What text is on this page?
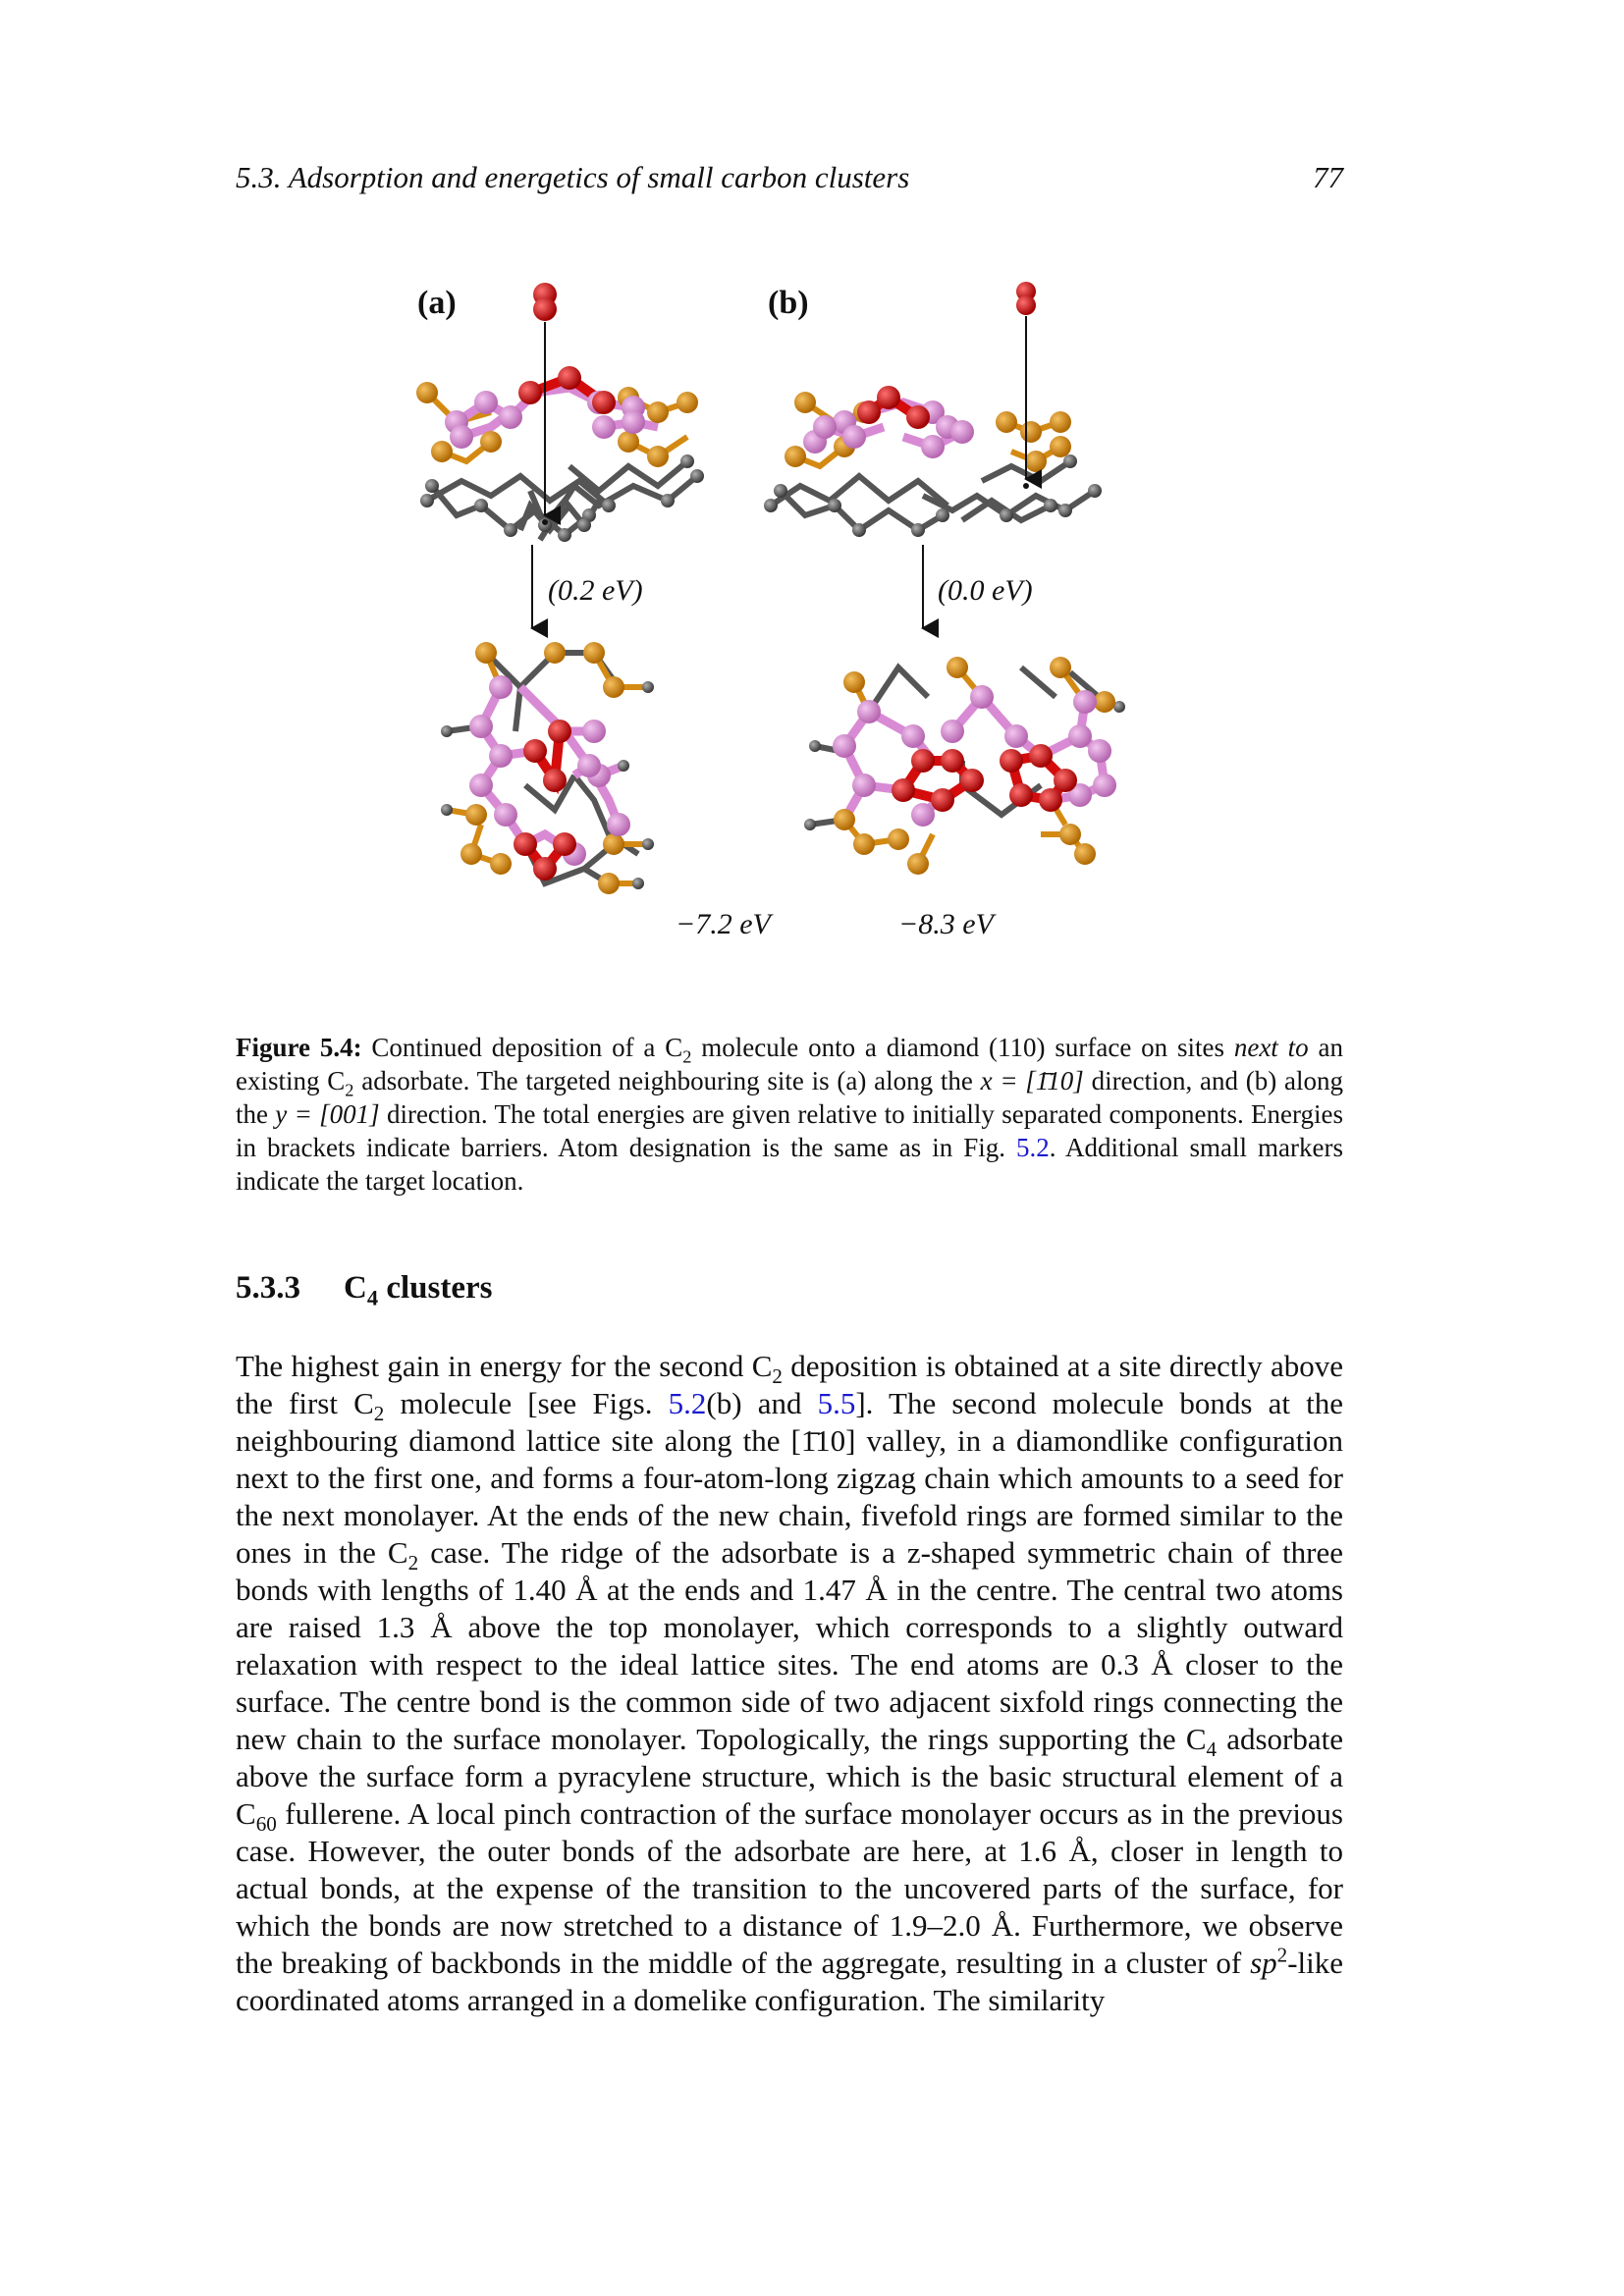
5.3. Adsorption and energetics of small carbon clusters	77
(a)	(b)
(0.2 eV)	(0.0 eV)
−7.2 eV	−8.3 eV
Figure 5.4: Continued deposition of a $C_2$ molecule onto a diamond (110) surface on sites next to an existing $C_2$ adsorbate. The targeted neighbouring site is (a) along the x = [1̄10] direction, and (b) along the y = [001] direction. The total energies are given relative to initially separated components. Energies in brackets indicate barriers. Atom designation is the same as in Fig. 5.2. Additional small markers indicate the target location.
5.3.3 $C_4$ clusters
The highest gain in energy for the second $C_2$ deposition is obtained at a site directly above the first $C_2$ molecule [see Figs. 5.2(b) and 5.5]. The second molecule bonds at the neighbouring diamond lattice site along the [1̄10] valley, in a diamondlike configuration next to the first one, and forms a four-atom-long zigzag chain which amounts to a seed for the next monolayer. At the ends of the new chain, fivefold rings are formed similar to the ones in the $C_2$ case. The ridge of the adsorbate is a z-shaped symmetric chain of three bonds with lengths of 1.40 Å at the ends and 1.47 Å in the centre. The central two atoms are raised 1.3 Å above the top monolayer, which corresponds to a slightly outward relaxation with respect to the ideal lattice sites. The end atoms are 0.3 Å closer to the surface. The centre bond is the common side of two adjacent sixfold rings connecting the new chain to the surface monolayer. Topologically, the rings supporting the $C_4$ adsorbate above the surface form a pyracylene structure, which is the basic structural element of a $C_{60}$ fullerene. A local pinch contraction of the surface monolayer occurs as in the previous case. However, the outer bonds of the adsorbate are here, at 1.6 Å, closer in length to actual bonds, at the expense of the transition to the uncovered parts of the surface, for which the bonds are now stretched to a distance of 1.9–2.0 Å. Furthermore, we observe the breaking of backbonds in the middle of the aggregate, resulting in a cluster of $sp^2$-like coordinated atoms arranged in a domelike configuration. The similarity
